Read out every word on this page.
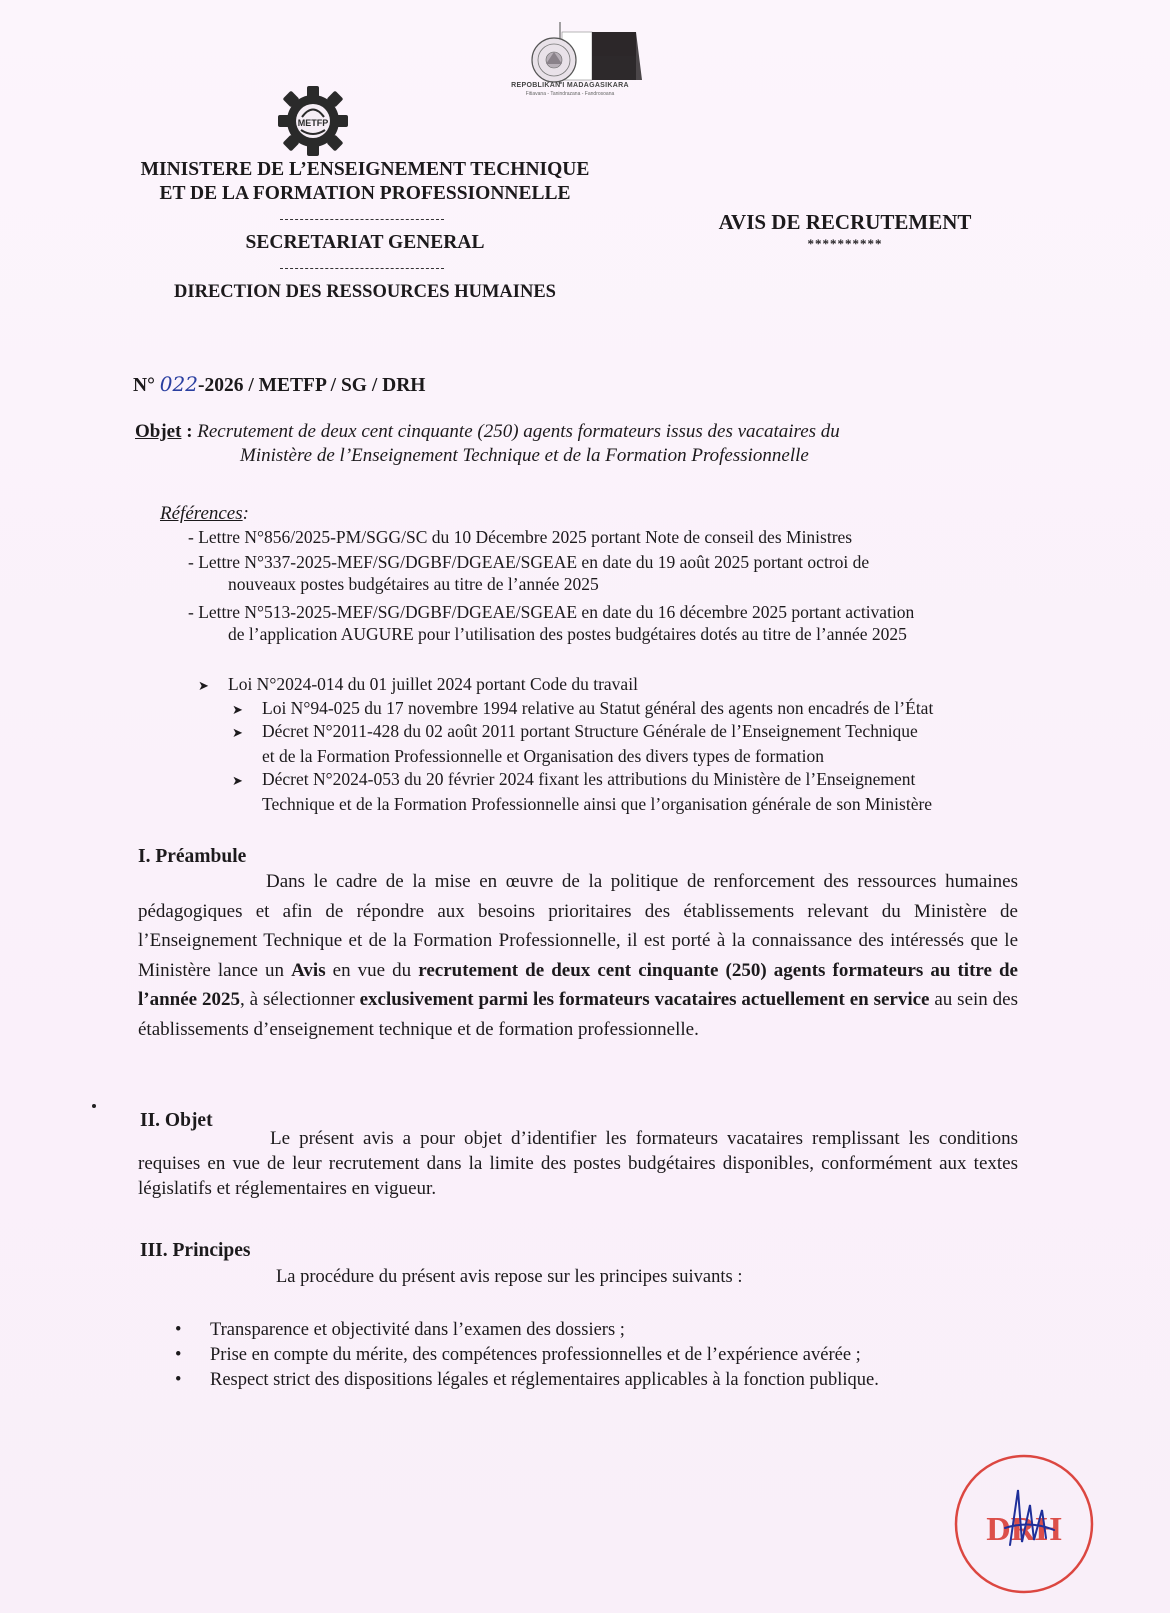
REPOBLIKAN'I MADAGASIKARA
Fitiavana - Tanindrazana - Fandrosoana
METFP
MINISTERE DE L’ENSEIGNEMENT TECHNIQUE
ET DE LA FORMATION PROFESSIONNELLE
SECRETARIAT GENERAL
DIRECTION DES RESSOURCES HUMAINES
AVIS DE RECRUTEMENT
**********
N° 022-2026 / METFP / SG / DRH
Objet : Recrutement de deux cent cinquante (250) agents formateurs issus des vacataires du
Ministère de l’Enseignement Technique et de la Formation Professionnelle
Références:
- Lettre N°856/2025-PM/SGG/SC du 10 Décembre 2025 portant Note de conseil des Ministres
- Lettre N°337-2025-MEF/SG/DGBF/DGEAE/SGEAE en date du 19 août 2025 portant octroi de
nouveaux postes budgétaires au titre de l’année 2025
- Lettre N°513-2025-MEF/SG/DGBF/DGEAE/SGEAE en date du 16 décembre 2025 portant activation
de l’application AUGURE pour l’utilisation des postes budgétaires dotés au titre de l’année 2025
➤ Loi N°2024-014 du 01 juillet 2024 portant Code du travail
➤ Loi N°94-025 du 17 novembre 1994 relative au Statut général des agents non encadrés de l’État
➤ Décret N°2011-428 du 02 août 2011 portant Structure Générale de l’Enseignement Technique
et de la Formation Professionnelle et Organisation des divers types de formation
➤ Décret N°2024-053 du 20 février 2024 fixant les attributions du Ministère de l’Enseignement
Technique et de la Formation Professionnelle ainsi que l’organisation générale de son Ministère
I. Préambule
Dans le cadre de la mise en œuvre de la politique de renforcement des ressources humaines pédagogiques et afin de répondre aux besoins prioritaires des établissements relevant du Ministère de l’Enseignement Technique et de la Formation Professionnelle, il est porté à la connaissance des intéressés que le Ministère lance un Avis en vue du recrutement de deux cent cinquante (250) agents formateurs au titre de l’année 2025, à sélectionner exclusivement parmi les formateurs vacataires actuellement en service au sein des établissements d’enseignement technique et de formation professionnelle.
II. Objet
Le présent avis a pour objet d’identifier les formateurs vacataires remplissant les conditions requises en vue de leur recrutement dans la limite des postes budgétaires disponibles, conformément aux textes législatifs et réglementaires en vigueur.
III. Principes
La procédure du présent avis repose sur les principes suivants :
• Transparence et objectivité dans l’examen des dossiers ;
• Prise en compte du mérite, des compétences professionnelles et de l’expérience avérée ;
• Respect strict des dispositions légales et réglementaires applicables à la fonction publique.
DRH
